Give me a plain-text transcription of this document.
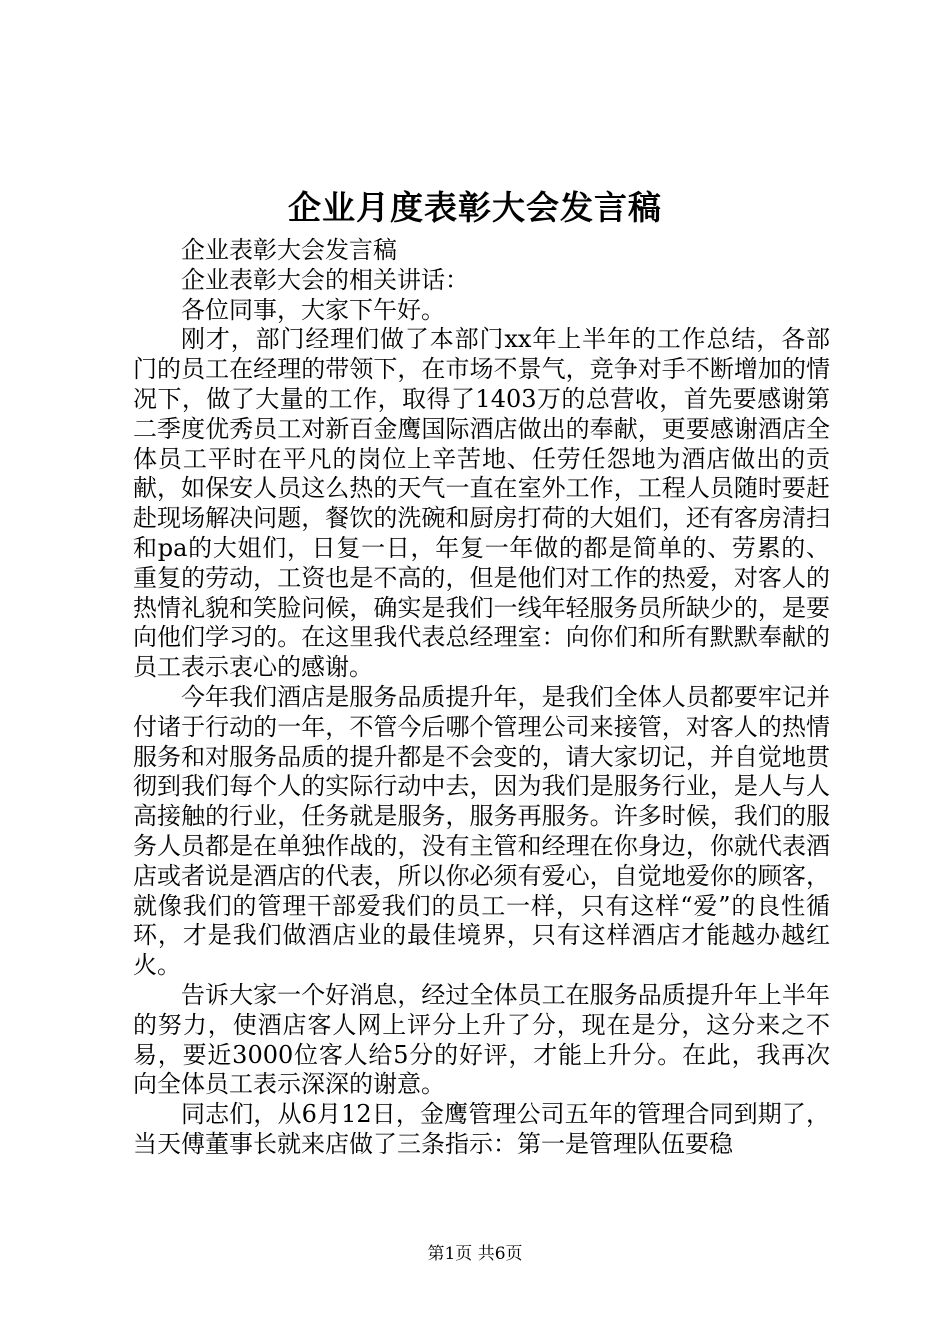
企业月度表彰大会发言稿

企业表彰大会发言稿

企业表彰大会的相关讲话：

各位同事，大家下午好。

刚才，部门经理们做了本部门xx年上半年的工作总结，各部门的员工在经理的带领下，在市场不景气，竞争对手不断增加的情况下，做了大量的工作，取得了1403万的总营收，首先要感谢第二季度优秀员工对新百金鹰国际酒店做出的奉献，更要感谢酒店全体员工平时在平凡的岗位上辛苦地、任劳任怨地为酒店做出的贡献，如保安人员这么热的天气一直在室外工作，工程人员随时要赶赴现场解决问题，餐饮的洗碗和厨房打荷的大姐们，还有客房清扫和pa的大姐们，日复一日，年复一年做的都是简单的、劳累的、重复的劳动，工资也是不高的，但是他们对工作的热爱，对客人的热情礼貌和笑脸问候，确实是我们一线年轻服务员所缺少的，是要向他们学习的。在这里我代表总经理室：向你们和所有默默奉献的员工表示衷心的感谢。

今年我们酒店是服务品质提升年，是我们全体人员都要牢记并付诸于行动的一年，不管今后哪个管理公司来接管，对客人的热情服务和对服务品质的提升都是不会变的，请大家切记，并自觉地贯彻到我们每个人的实际行动中去，因为我们是服务行业，是人与人高接触的行业，任务就是服务，服务再服务。许多时候，我们的服务人员都是在单独作战的，没有主管和经理在你身边，你就代表酒店或者说是酒店的代表，所以你必须有爱心，自觉地爱你的顾客，就像我们的管理干部爱我们的员工一样，只有这样“爱”的良性循环，才是我们做酒店业的最佳境界，只有这样酒店才能越办越红火。

告诉大家一个好消息，经过全体员工在服务品质提升年上半年的努力，使酒店客人网上评分上升了分，现在是分，这分来之不易，要近3000位客人给5分的好评，才能上升分。在此，我再次向全体员工表示深深的谢意。

同志们，从6月12日，金鹰管理公司五年的管理合同到期了，当天傅董事长就来店做了三条指示：第一是管理队伍要稳

第1页 共6页
